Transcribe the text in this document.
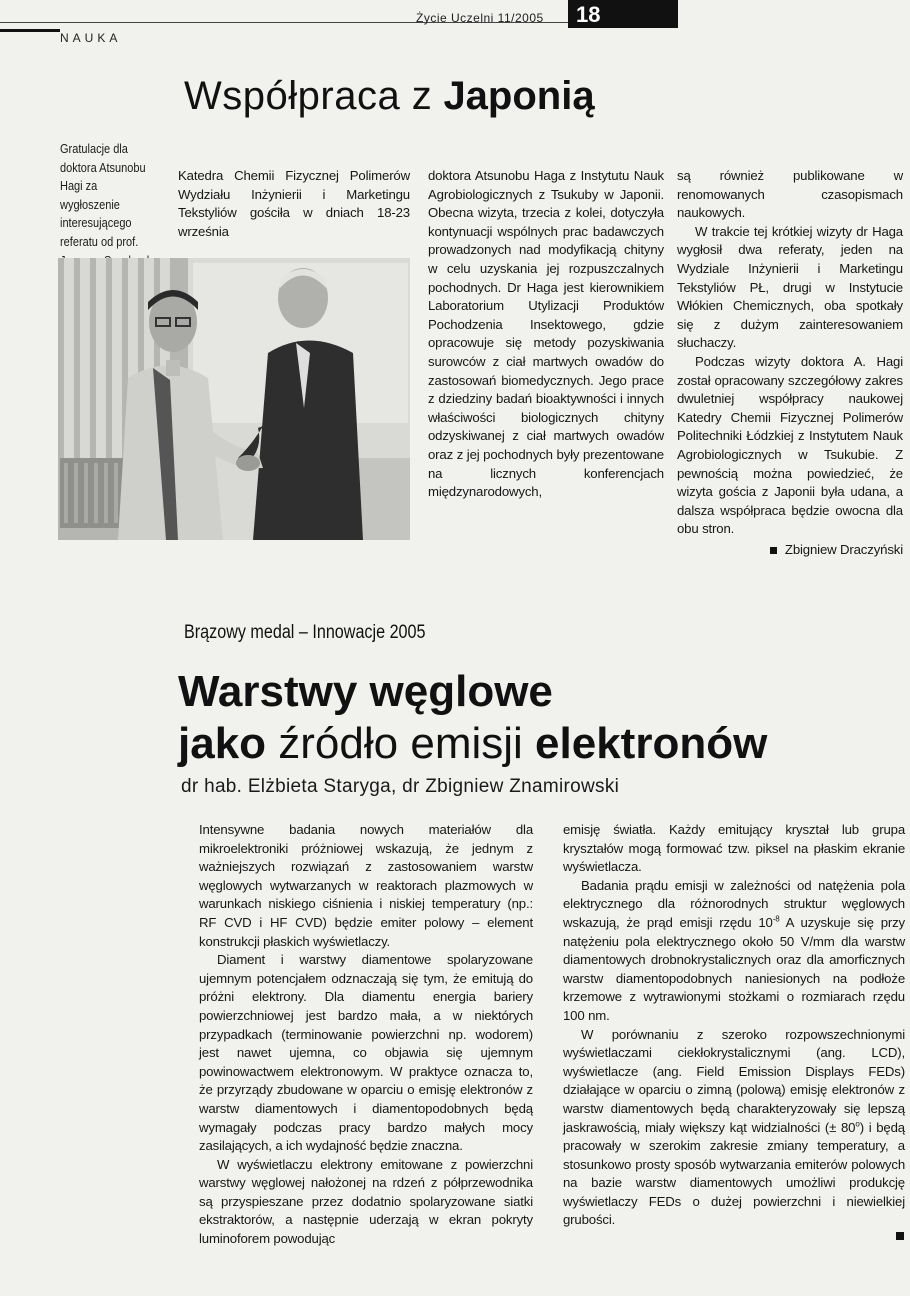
Życie Uczelni 11/2005	18
NAUKA
Współpraca z Japonią
Gratulacje dla doktora Atsunobu Hagi za wygłoszenie interesującego referatu od prof.

Katedra Chemii Fizycznej Polimerów Wydziału Inżynierii i Marketingu Tekstyliów gościła w dniach 18-23 września

doktora Atsunobu Haga z Instytutu Nauk Agrobiologicznych z Tsukuby w Japonii. Obecna wizyta, trzecia z kolei, dotyczyła kontynuacji wspólnych prac badawczych prowadzonych nad modyfikacją chityny w celu uzyskania jej rozpuszczalnych pochodnych. Dr Haga jest kierownikiem Laboratorium Utylizacji Produktów Pochodzenia Insektowego, gdzie opracowuje się metody pozyskiwania surowców z ciał martwych owadów do zastosowań biomedycznych. Jego prace z dziedziny badań bioaktywności i innych właściwości biologicznych chityny odzyskiwanej z ciał martwych owadów oraz z jej pochodnych były prezentowane na licznych konferencjach międzynarodowych,

są również publikowane w renomowanych czasopismach naukowych.

W trakcie tej krótkiej wizyty dr Haga wygłosił dwa referaty, jeden na Wydziale Inżynierii i Marketingu Tekstyliów PŁ, drugi w Instytucie Włókien Chemicznych, oba spotkały się z dużym zainteresowaniem słuchaczy.

Podczas wizyty doktora A. Hagi został opracowany szczegółowy zakres dwuletniej współpracy naukowej Katedry Chemii Fizycznej Polimerów Politechniki Łódzkiej z Instytutem Nauk Agrobiologicznych w Tsukubie. Z pewnością można powiedzieć, że wizyta gościa z Japonii była udana, a dalsza współpraca będzie owocna dla obu stron.

Zbigniew Draczyński

Brązowy medal – Innowacje 2005
Warstwy węglowe
jako źródło emisji elektronów
dr hab. Elżbieta Staryga, dr Zbigniew Znamirowski

Intensywne badania nowych materiałów dla mikroelektroniki próżniowej wskazują, że jednym z ważniejszych rozwiązań z zastosowaniem warstw węglowych wytwarzanych w reaktorach plazmowych w warunkach niskiego ciśnienia i niskiej temperatury (np.: RF CVD i HF CVD) będzie emiter polowy – element konstrukcji płaskich wyświetlaczy.

Diament i warstwy diamentowe spolaryzowane ujemnym potencjałem odznaczają się tym, że emitują do próżni elektrony. Dla diamentu energia bariery powierzchniowej jest bardzo mała, a w niektórych przypadkach (terminowanie powierzchni np. wodorem) jest nawet ujemna, co objawia się ujemnym powinowactwem elektronowym. W praktyce oznacza to, że przyrządy zbudowane w oparciu o emisję elektronów z warstw diamentowych i diamentopodobnych będą wymagały podczas pracy bardzo małych mocy zasilających, a ich wydajność będzie znaczna.

W wyświetlaczu elektrony emitowane z powierzchni warstwy węglowej nałożonej na rdzeń z półprzewodnika są przyspieszane przez dodatnio spolaryzowane siatki ekstraktorów, a następnie uderzają w ekran pokryty luminoforem powodując

emisję światła. Każdy emitujący kryształ lub grupa kryształów mogą formować tzw. piksel na płaskim ekranie wyświetlacza.

Badania prądu emisji w zależności od natężenia pola elektrycznego dla różnorodnych struktur węglowych wskazują, że prąd emisji rzędu $10^{-8}$ A uzyskuje się przy natężeniu pola elektrycznego około 50 V/mm dla warstw diamentowych drobnokrystalicznych oraz dla amorficznych warstw diamentopodobnych naniesionych na podłoże krzemowe z wytrawionymi stożkami o rozmiarach rzędu 100 nm.

W porównaniu z szeroko rozpowszechnionymi wyświetlaczami ciekłokrystalicznymi (ang. LCD), wyświetlacze (ang. Field Emission Displays FEDs) działające w oparciu o zimną (polową) emisję elektronów z warstw diamentowych będą charakteryzowały się lepszą jaskrawością, miały większy kąt widzialności (± $80^o$) i będą pracowały w szerokim zakresie zmiany temperatury, a stosunkowo prosty sposób wytwarzania emiterów polowych na bazie warstw diamentowych umożliwi produkcję wyświetlaczy FEDs o dużej powierzchni i niewielkiej grubości.
